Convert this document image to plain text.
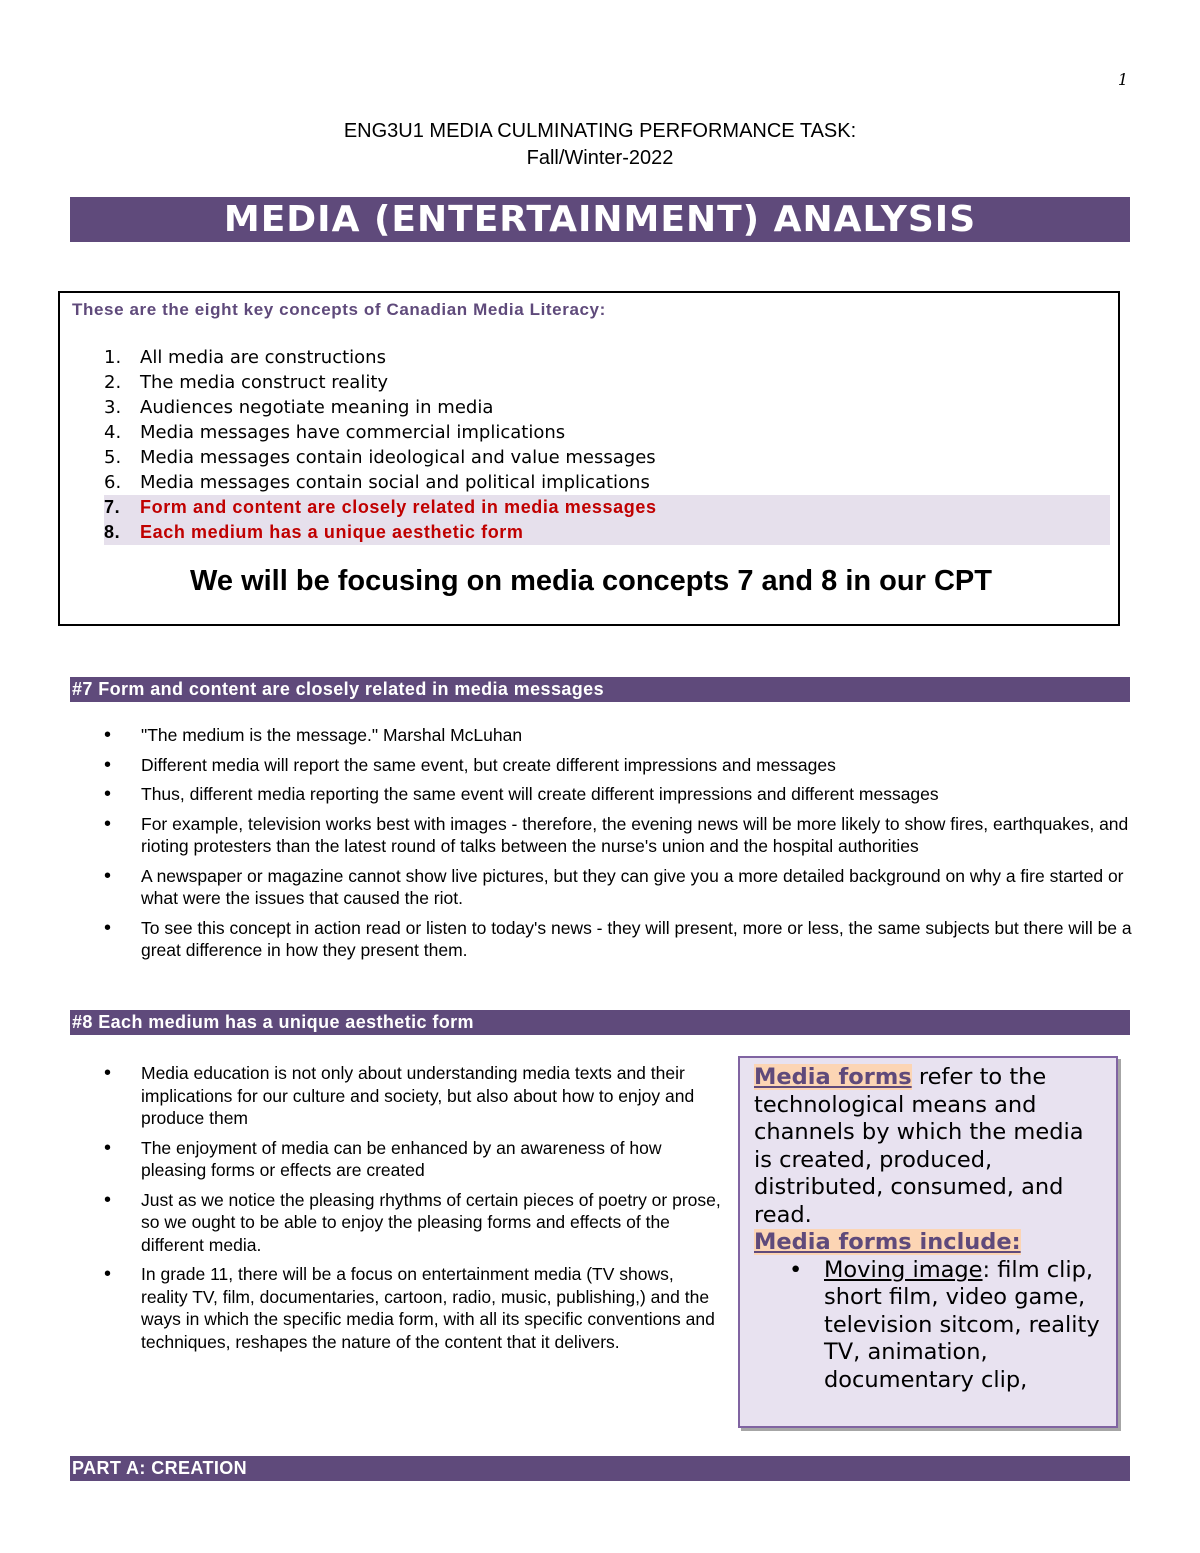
1
ENG3U1 MEDIA CULMINATING PERFORMANCE TASK:
Fall/Winter-2022
MEDIA (ENTERTAINMENT) ANALYSIS
These are the eight key concepts of Canadian Media Literacy:
1.	All media are constructions
2.	The media construct reality
3.	Audiences negotiate meaning in media
4.	Media messages have commercial implications
5.	Media messages contain ideological and value messages
6.	Media messages contain social and political implications
7.	Form and content are closely related in media messages
8.	Each medium has a unique aesthetic form
We will be focusing on media concepts 7 and 8 in our CPT
#7 Form and content are closely related in media messages
• "The medium is the message." Marshal McLuhan
• Different media will report the same event, but create different impressions and messages
• Thus, different media reporting the same event will create different impressions and different messages
• For example, television works best with images - therefore, the evening news will be more likely to show fires, earthquakes, and rioting protesters than the latest round of talks between the nurse's union and the hospital authorities
• A newspaper or magazine cannot show live pictures, but they can give you a more detailed background on why a fire started or what were the issues that caused the riot.
• To see this concept in action read or listen to today's news - they will present, more or less, the same subjects but there will be a great difference in how they present them.
#8 Each medium has a unique aesthetic form
• Media education is not only about understanding media texts and their implications for our culture and society, but also about how to enjoy and produce them
• The enjoyment of media can be enhanced by an awareness of how pleasing forms or effects are created
• Just as we notice the pleasing rhythms of certain pieces of poetry or prose, so we ought to be able to enjoy the pleasing forms and effects of the different media.
• In grade 11, there will be a focus on entertainment media (TV shows, reality TV, film, documentaries, cartoon, radio, music, publishing,) and the ways in which the specific media form, with all its specific conventions and techniques, reshapes the nature of the content that it delivers.
Media forms refer to the technological means and channels by which the media is created, produced, distributed, consumed, and read.
Media forms include:
• Moving image: film clip, short film, video game, television sitcom, reality TV, animation, documentary clip,
PART A: CREATION
